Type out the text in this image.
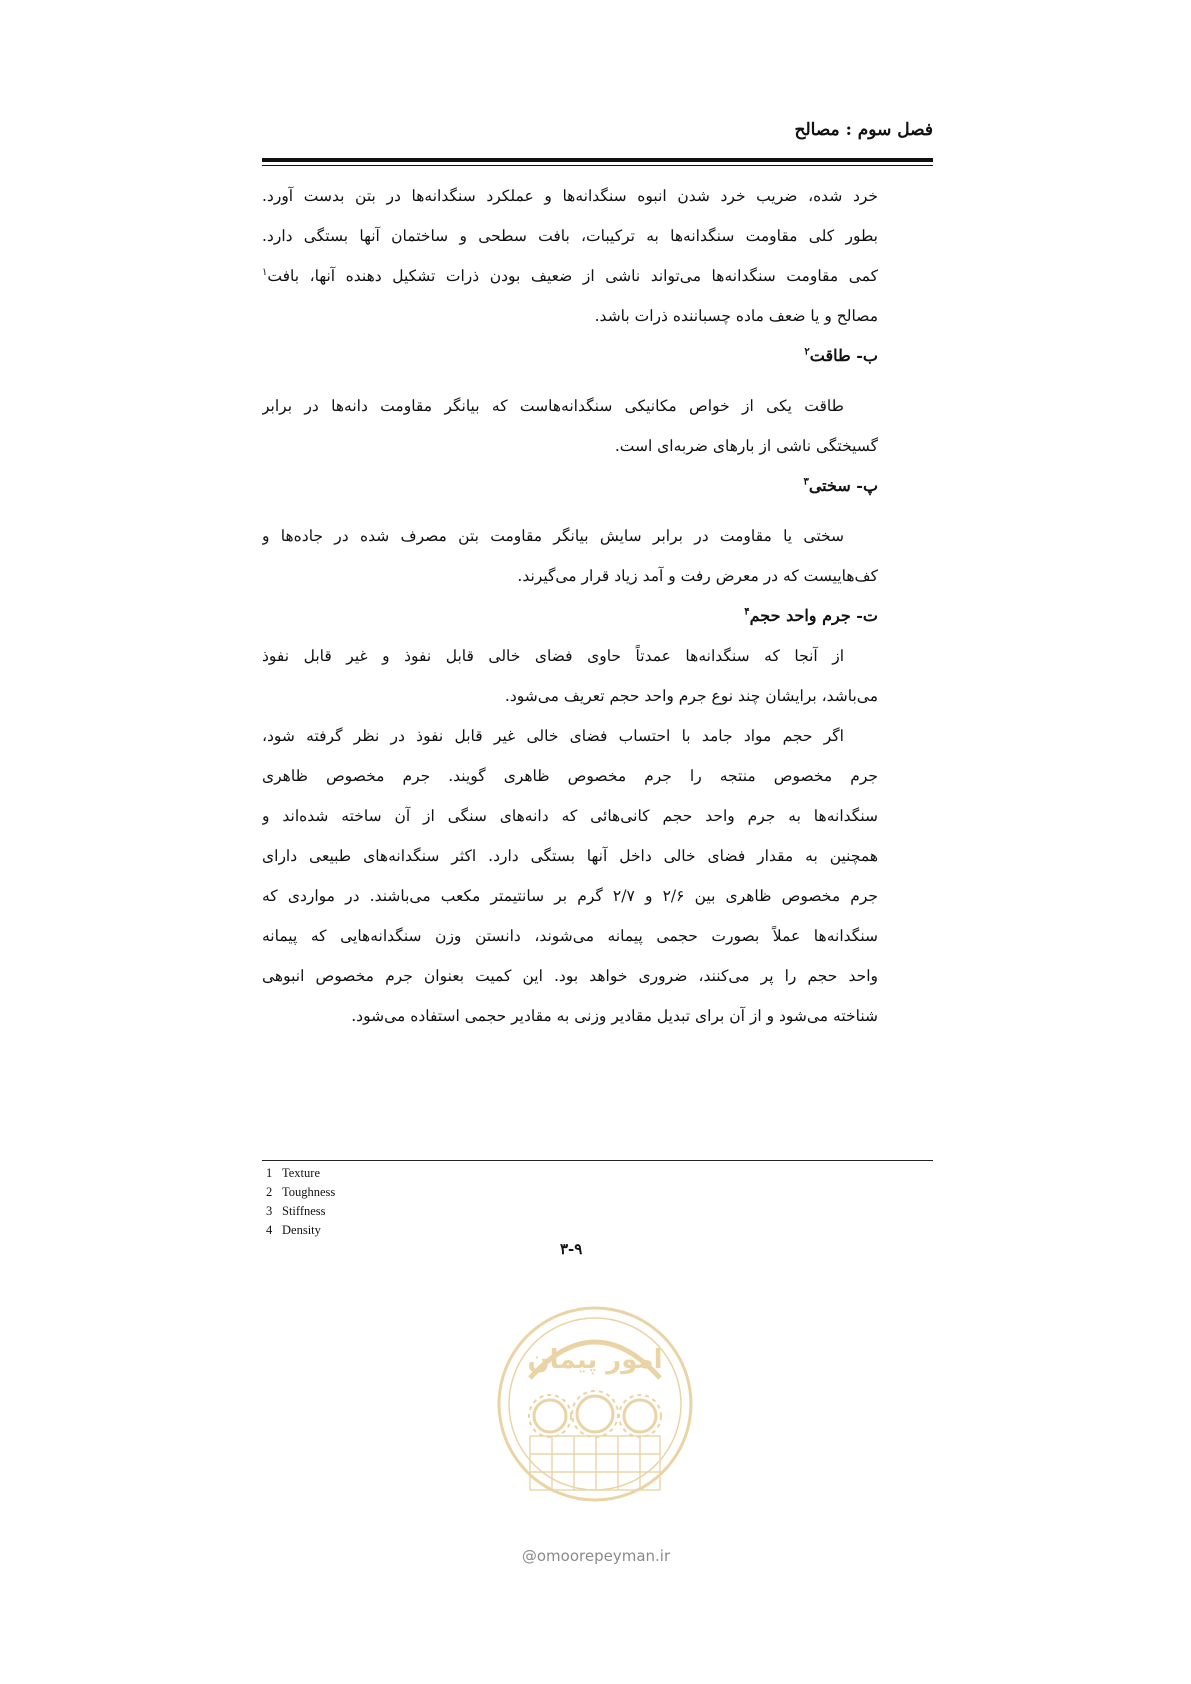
فصل سوم : مصالح
خرد شده، ضریب خرد شدن انبوه سنگدانه‌ها و عملکرد سنگدانه‌ها در بتن بدست آورد.
بطور کلی مقاومت سنگدانه‌ها به ترکیبات، بافت سطحی و ساختمان آنها بستگی دارد.
کمی مقاومت سنگدانه‌ها می‌تواند ناشی از ضعیف بودن ذرات تشکیل دهنده آنها، بافت$^۱$
مصالح و یا ضعف ماده چسباننده ذرات باشد.
ب- طاقت$^۲$
طاقت یکی از خواص مکانیکی سنگدانه‌هاست که بیانگر مقاومت دانه‌ها در برابر
گسیختگی ناشی از بارهای ضربه‌ای است.
پ- سختی$^۳$
سختی یا مقاومت در برابر سایش بیانگر مقاومت بتن مصرف شده در جاده‌ها و
کف‌هاییست که در معرض رفت و آمد زیاد قرار می‌گیرند.
ت- جرم واحد حجم$^۴$
از آنجا که سنگدانه‌ها عمدتاً حاوی فضای خالی قابل نفوذ و غیر قابل نفوذ
می‌باشد، برایشان چند نوع جرم واحد حجم تعریف می‌شود.
اگر حجم مواد جامد با احتساب فضای خالی غیر قابل نفوذ در نظر گرفته شود،
جرم مخصوص منتجه را جرم مخصوص ظاهری گویند. جرم مخصوص ظاهری
سنگدانه‌ها به جرم واحد حجم کانی‌هائی که دانه‌های سنگی از آن ساخته شده‌اند و
همچنین به مقدار فضای خالی داخل آنها بستگی دارد. اکثر سنگدانه‌های طبیعی دارای
جرم مخصوص ظاهری بین ۲/۶ و ۲/۷ گرم بر سانتیمتر مکعب می‌باشند. در مواردی که
سنگدانه‌ها عملاً بصورت حجمی پیمانه می‌شوند، دانستن وزن سنگدانه‌هایی که پیمانه
واحد حجم را پر می‌کنند، ضروری خواهد بود. این کمیت بعنوان جرم مخصوص انبوهی
شناخته می‌شود و از آن برای تبدیل مقادیر وزنی به مقادیر حجمی استفاده می‌شود.
1 Texture
2 Toughness
3 Stiffness
4 Density
۳-۹
امور پیمان
@omoorepeyman.ir
